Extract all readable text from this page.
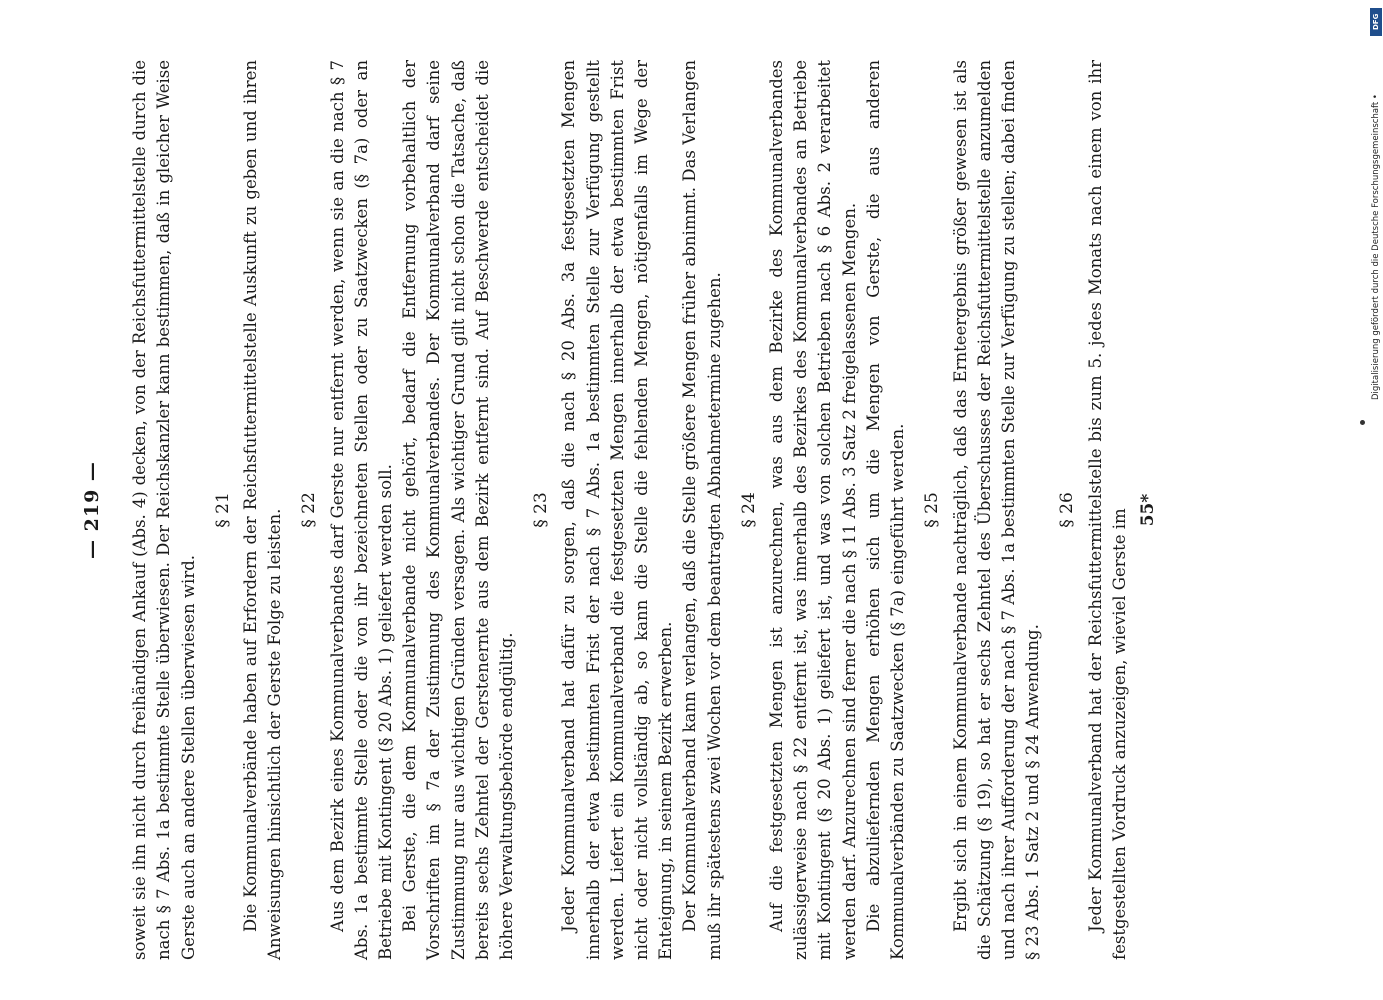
— 219 — soweit sie ihn nicht durch freihändigen Ankauf (Abs. 4) decken, von der Reichsfuttermittelstelle durch die nach § 7 Abs. 1a bestimmte Stelle überwiesen. Der Reichskanzler kann bestimmen, daß in gleicher Weise Gerste auch an andere Stellen überwiesen wird.

§ 21 Die Kommunalverbände haben auf Erfordern der Reichsfuttermittelstelle Auskunft zu geben und ihren Anweisungen hinsichtlich der Gerste Folge zu leisten. § 22 Aus dem Bezirk eines Kommunalverbandes darf Gerste nur entfernt werden, wenn sie an die nach § 7 Abs. 1a bestimmte Stelle oder die von ihr bezeichneten Stellen oder zu Saatzwecken (§ 7a) oder an Betriebe mit Kontingent (§ 20 Abs. 1) geliefert werden soll. Bei Gerste, die dem Kommunalverbande nicht gehört, bedarf die Entfernung vorbehaltlich der Vorschriften im § 7a der Zustimmung des Kommunalverbandes. Der Kommunalverband darf seine Zustimmung nur aus wichtigen Gründen versagen. Als wichtiger Grund gilt nicht schon die Tatsache, daß bereits sechs Zehntel der Gerstenernte aus dem Bezirk entfernt sind. Auf Beschwerde entscheidet die höhere Verwaltungsbehörde endgültig.

§ 23 Jeder Kommunalverband hat dafür zu sorgen, daß die nach § 20 Abs. 3a festgesetzten Mengen innerhalb der etwa bestimmten Frist der nach § 7 Abs. 1a bestimmten Stelle zur Verfügung gestellt werden. Liefert ein Kommunalverband die festgesetzten Mengen innerhalb der etwa bestimmten Frist nicht oder nicht vollständig ab, so kann die Stelle die fehlenden Mengen, nötigenfalls im Wege der Enteignung, in seinem Bezirk erwerben. Der Kommunalverband kann verlangen, daß die Stelle größere Mengen früher abnimmt. Das Verlangen muß ihr spätestens zwei Wochen vor dem beantragten Abnahmetermine zugehen. § 24 Auf die festgesetzten Mengen ist anzurechnen, was aus dem Bezirke des Kommunalverbandes zulässigerweise nach § 22 entfernt ist, was innerhalb des Bezirkes des Kommunalverbandes an Betriebe mit Kontingent (§ 20 Abs. 1) geliefert ist, und was von solchen Betrieben nach § 6 Abs. 2 verarbeitet werden darf. Anzurechnen sind ferner die nach § 11 Abs. 3 Satz 2 freigelassenen Mengen. Die abzuliefernden Mengen erhöhen sich um die Mengen von Gerste, die aus anderen Kommunalverbänden zu Saatzwecken (§ 7a) eingeführt werden. § 25 Ergibt sich in einem Kommunalverbande nachträglich, daß das Ernteergebnis größer gewesen ist als die Schätzung (§ 19), so hat er sechs Zehntel des Überschusses der Reichsfuttermittelstelle anzumelden und nach ihrer Aufforderung der nach § 7 Abs. 1a bestimmten Stelle zur Verfügung zu stellen; dabei finden § 23 Abs. 1 Satz 2 und § 24 Anwendung.

§ 26 Jeder Kommunalverband hat der Reichsfuttermittelstelle bis zum 5. jedes Monats nach einem von ihr festgestellten Vordruck anzuzeigen, wieviel Gerste im 55*
DFG
Digitalisierung gefördert durch die Deutsche Forschungsgemeinschaft •
